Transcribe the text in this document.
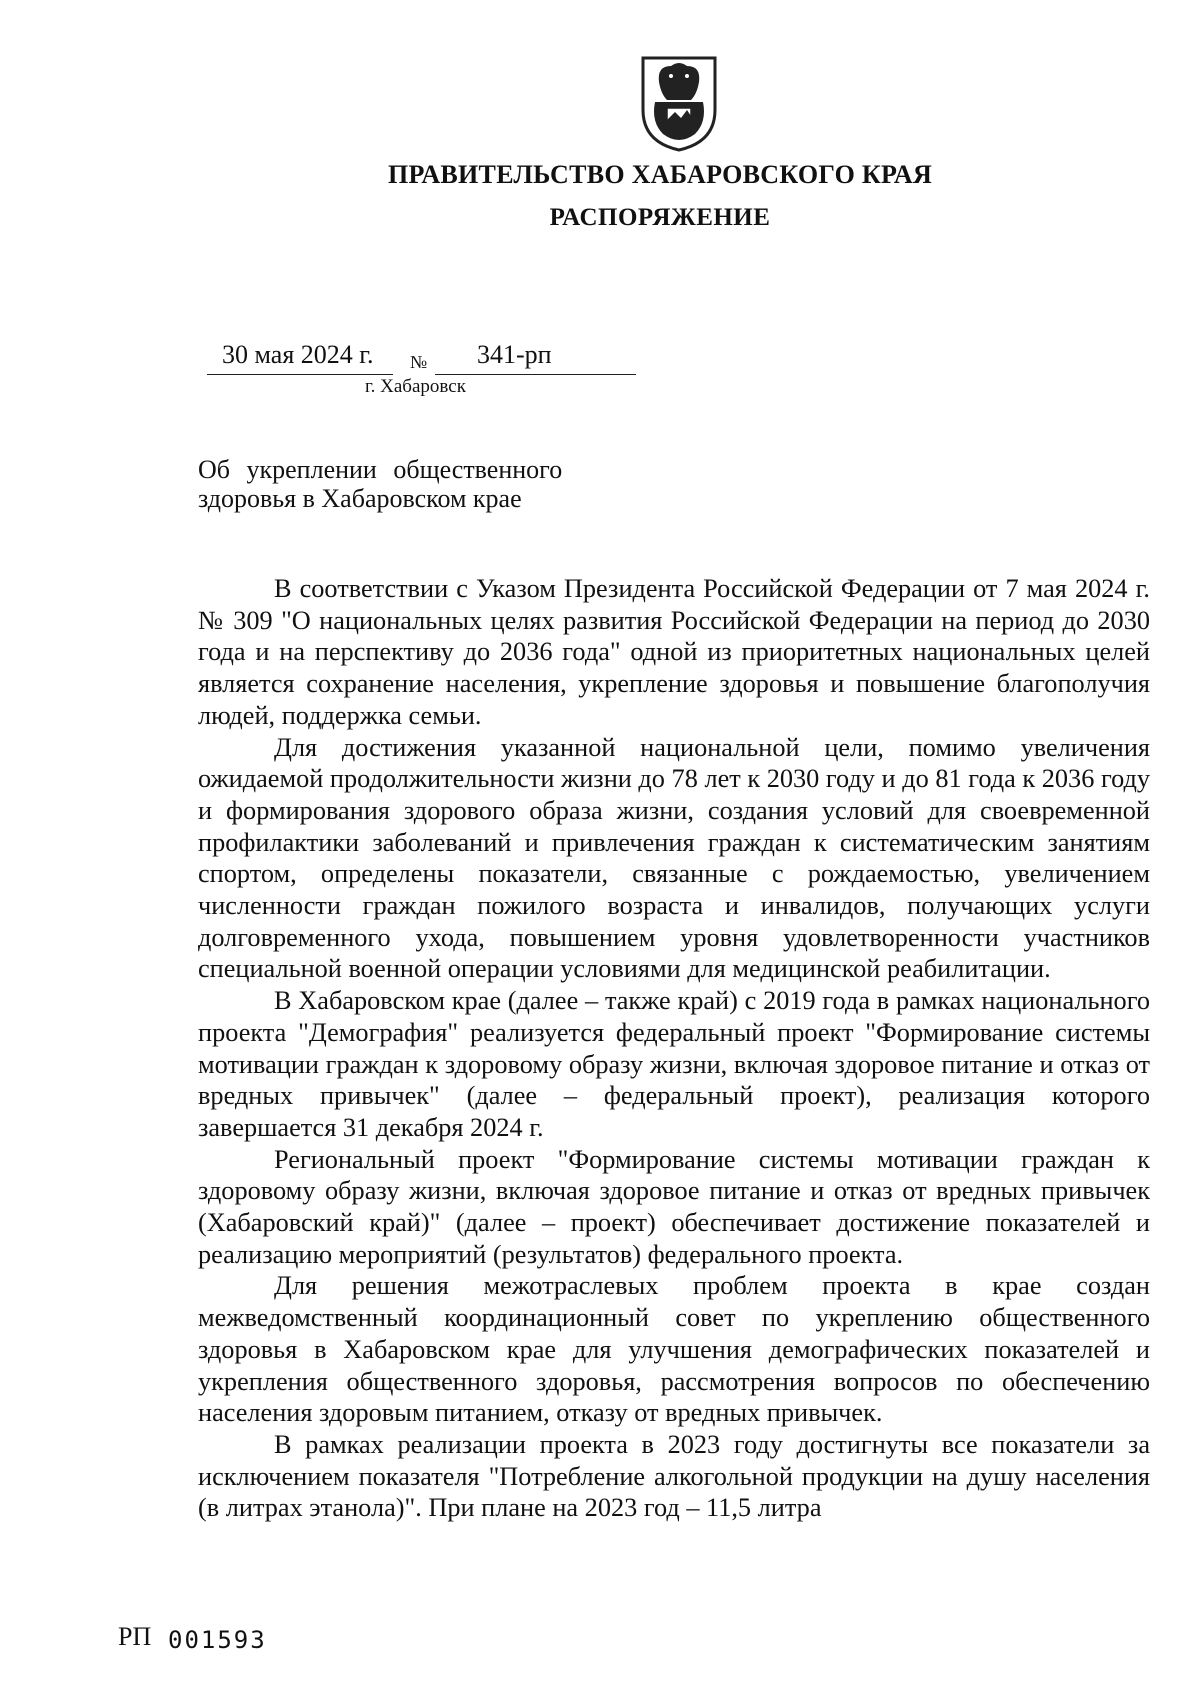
ПРАВИТЕЛЬСТВО ХАБАРОВСКОГО КРАЯ
РАСПОРЯЖЕНИЕ
30 мая 2024 г. № 341-рп
г. Хабаровск
Об укреплении общественного
здоровья в Хабаровском крае

В соответствии с Указом Президента Российской Федерации от 7 мая 2024 г. № 309 "О национальных целях развития Российской Федерации на период до 2030 года и на перспективу до 2036 года" одной из приоритетных национальных целей является сохранение населения, укрепление здоровья и повышение благополучия людей, поддержка семьи.

Для достижения указанной национальной цели, помимо увеличения ожидаемой продолжительности жизни до 78 лет к 2030 году и до 81 года к 2036 году и формирования здорового образа жизни, создания условий для своевременной профилактики заболеваний и привлечения граждан к систематическим занятиям спортом, определены показатели, связанные с рождаемостью, увеличением численности граждан пожилого возраста и инвалидов, получающих услуги долговременного ухода, повышением уровня удовлетворенности участников специальной военной операции условиями для медицинской реабилитации.

В Хабаровском крае (далее – также край) с 2019 года в рамках национального проекта "Демография" реализуется федеральный проект "Формирование системы мотивации граждан к здоровому образу жизни, включая здоровое питание и отказ от вредных привычек" (далее – федеральный проект), реализация которого завершается 31 декабря 2024 г.

Региональный проект "Формирование системы мотивации граждан к здоровому образу жизни, включая здоровое питание и отказ от вредных привычек (Хабаровский край)" (далее – проект) обеспечивает достижение показателей и реализацию мероприятий (результатов) федерального проекта.

Для решения межотраслевых проблем проекта в крае создан межведомственный координационный совет по укреплению общественного здоровья в Хабаровском крае для улучшения демографических показателей и укрепления общественного здоровья, рассмотрения вопросов по обеспечению населения здоровым питанием, отказу от вредных привычек.

В рамках реализации проекта в 2023 году достигнуты все показатели за исключением показателя "Потребление алкогольной продукции на душу населения (в литрах этанола)". При плане на 2023 год – 11,5 литра

РП 001593
